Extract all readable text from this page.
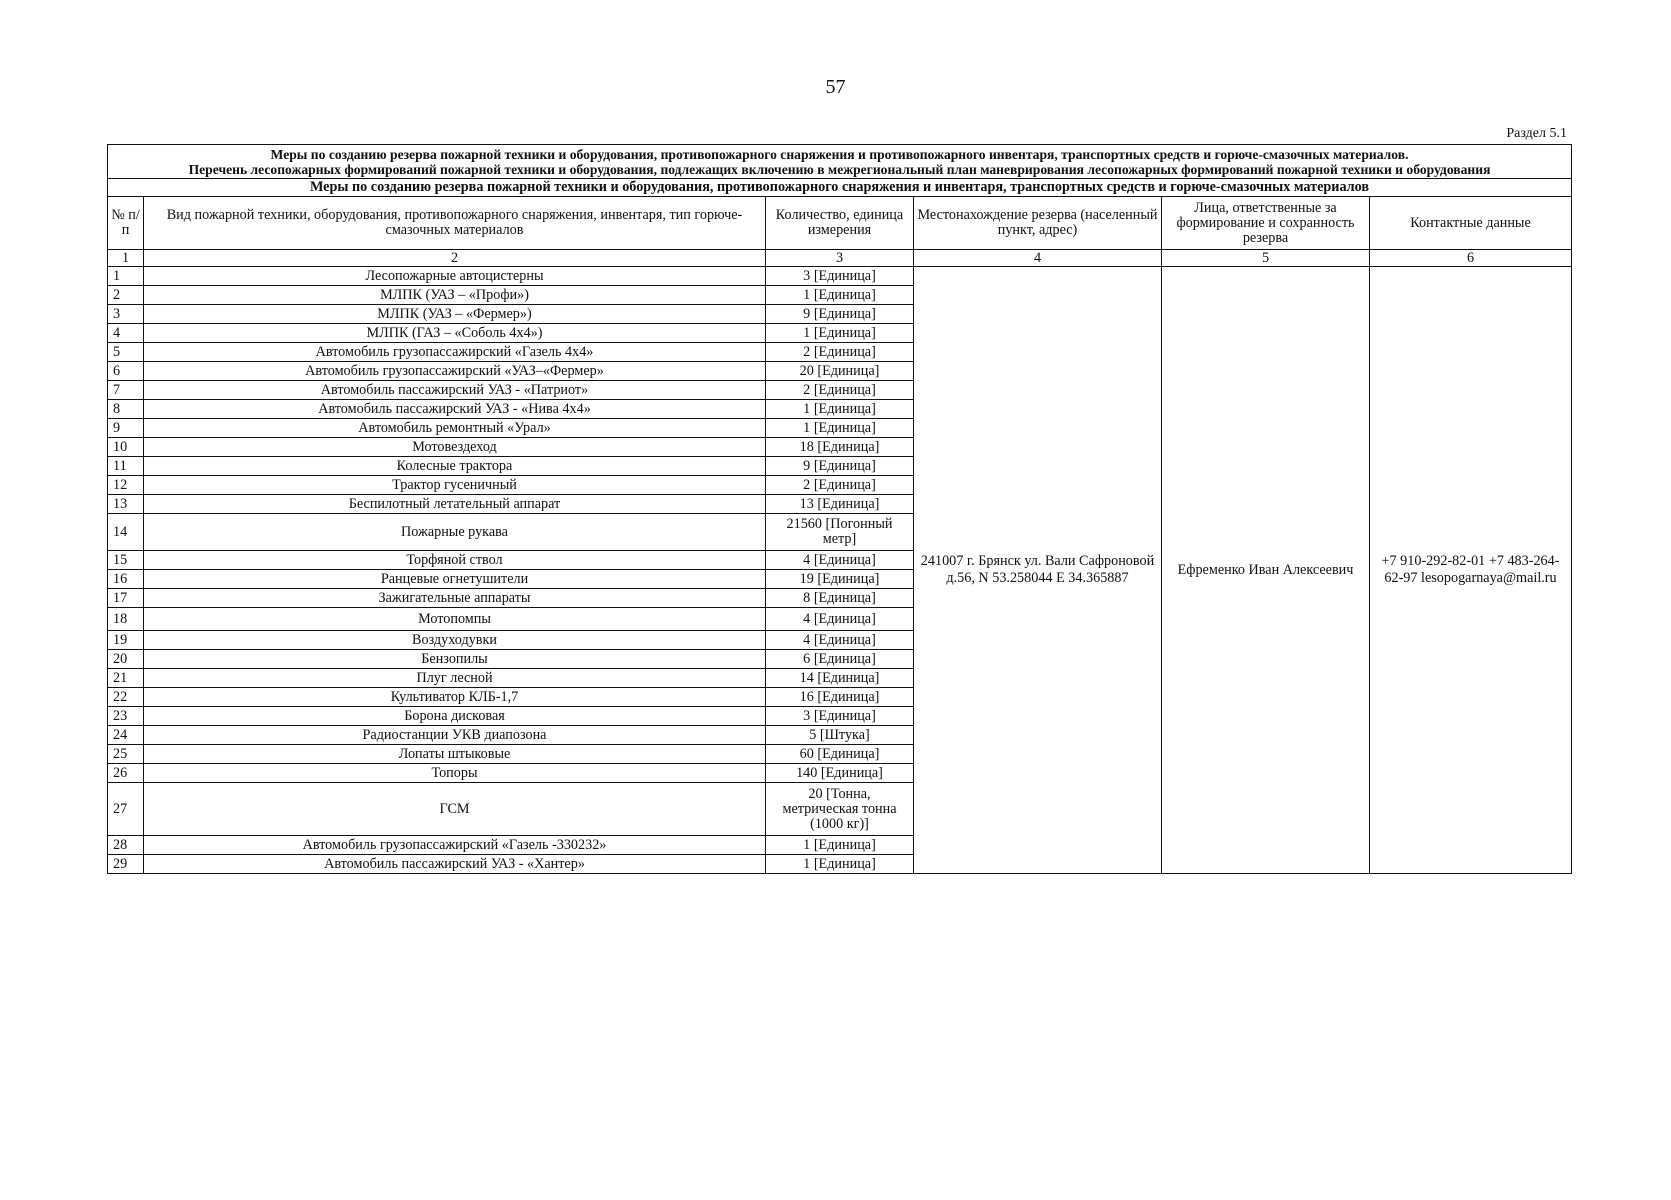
57
Раздел 5.1
Меры по созданию резерва пожарной техники и оборудования, противопожарного снаряжения и противопожарного инвентаря, транспортных средств и горюче-смазочных материалов.
Перечень лесопожарных формирований пожарной техники и оборудования, подлежащих включению в межрегиональный план маневрирования лесопожарных формирований пожарной техники и оборудования					

Меры по созданию резерва пожарной техники и оборудования, противопожарного снаряжения и инвентаря, транспортных средств и горюче-смазочных материалов					
№ п/п	Вид пожарной техники, оборудования, противопожарного снаряжения, инвентаря, тип горюче-смазочных материалов	Количество, единица измерения	Местонахождение резерва (населенный пункт, адрес)	Лица, ответственные за формирование и сохранность резерва	Контактные данные
1	2	3	4	5	6
1	Лесопожарные автоцистерны	3 [Единица]	241007 г. Брянск ул. Вали Сафроновой д.56, N 53.258044 E 34.365887	Ефременко Иван Алексеевич	+7 910-292-82-01 +7 483-264-62-97 lesopogarnaya@mail.ru
2	МЛПК (УАЗ – «Профи»)	1 [Единица]			
3	МЛПК (УАЗ – «Фермер»)	9 [Единица]			
4	МЛПК (ГАЗ – «Соболь 4х4»)	1 [Единица]			
5	Автомобиль грузопассажирский «Газель 4х4»	2 [Единица]			
6	Автомобиль грузопассажирский «УАЗ–«Фермер»	20 [Единица]			
7	Автомобиль пассажирский УАЗ - «Патриот»	2 [Единица]			
8	Автомобиль пассажирский УАЗ - «Нива 4х4»	1 [Единица]			
9	Автомобиль ремонтный «Урал»	1 [Единица]			
10	Мотовездеход	18 [Единица]			
11	Колесные трактора	9 [Единица]			
12	Трактор гусеничный	2 [Единица]			
13	Беспилотный летательный аппарат	13 [Единица]			
14	Пожарные рукава	21560 [Погонный метр]			
15	Торфяной ствол	4 [Единица]			
16	Ранцевые огнетушители	19 [Единица]			
17	Зажигательные аппараты	8 [Единица]			
18	Мотопомпы	4 [Единица]			
19	Воздуходувки	4 [Единица]			
20	Бензопилы	6 [Единица]			
21	Плуг лесной	14 [Единица]			
22	Культиватор КЛБ-1,7	16 [Единица]			
23	Борона дисковая	3 [Единица]			
24	Радиостанции УКВ диапозона	5 [Штука]			
25	Лопаты штыковые	60 [Единица]			
26	Топоры	140 [Единица]			
27	ГСМ	20 [Тонна, метрическая тонна (1000 кг)]			
28	Автомобиль грузопассажирский «Газель -330232»	1 [Единица]			
29	Автомобиль пассажирский УАЗ - «Хантер»	1 [Единица]			
